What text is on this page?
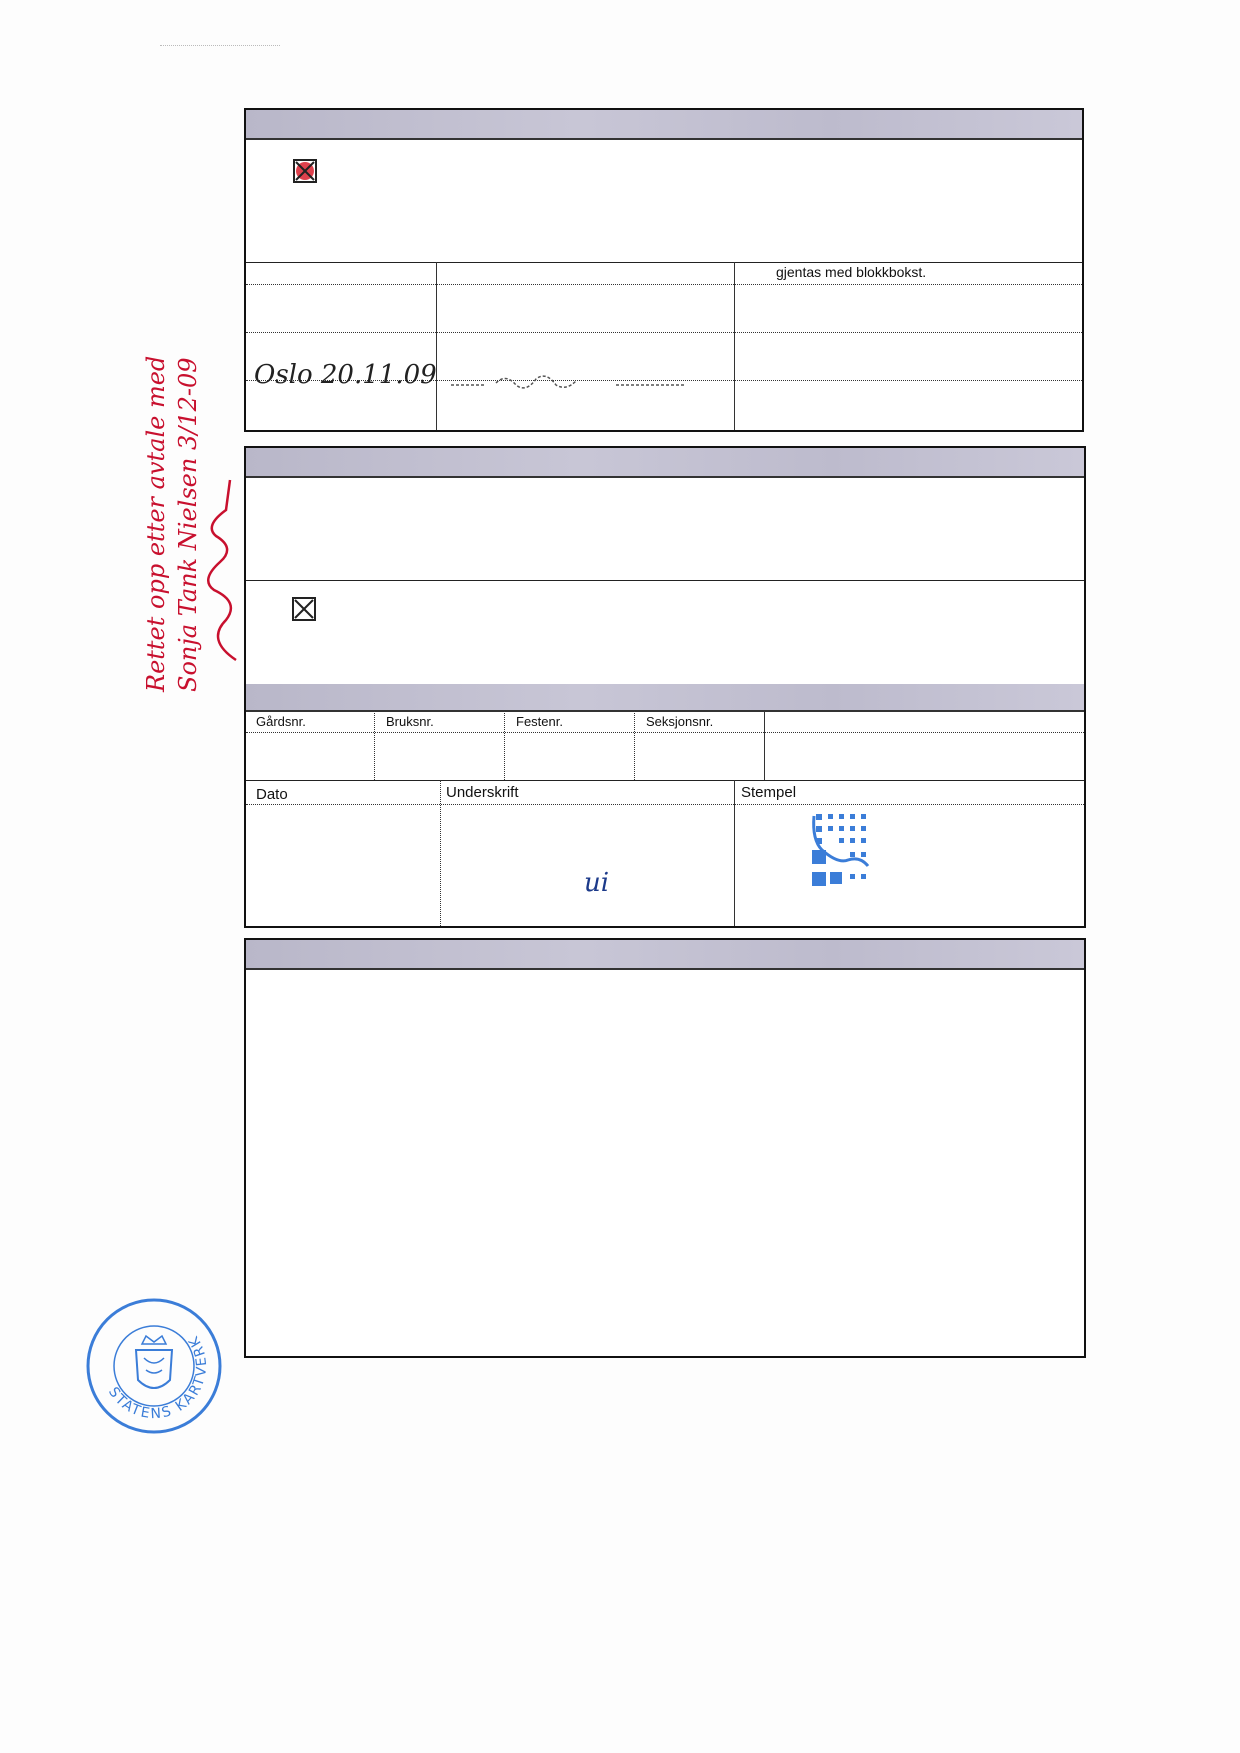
gjentas med blokkbokst.
Oslo 20.11.09
Gårdsnr.	Bruksnr.	Festenr.	Seksjonsnr.
Dato	Underskrift	Stempel
ui
Rettet opp etter avtale med Sonja Tank Nielsen 3/12-09
STATENS KARTVERK
